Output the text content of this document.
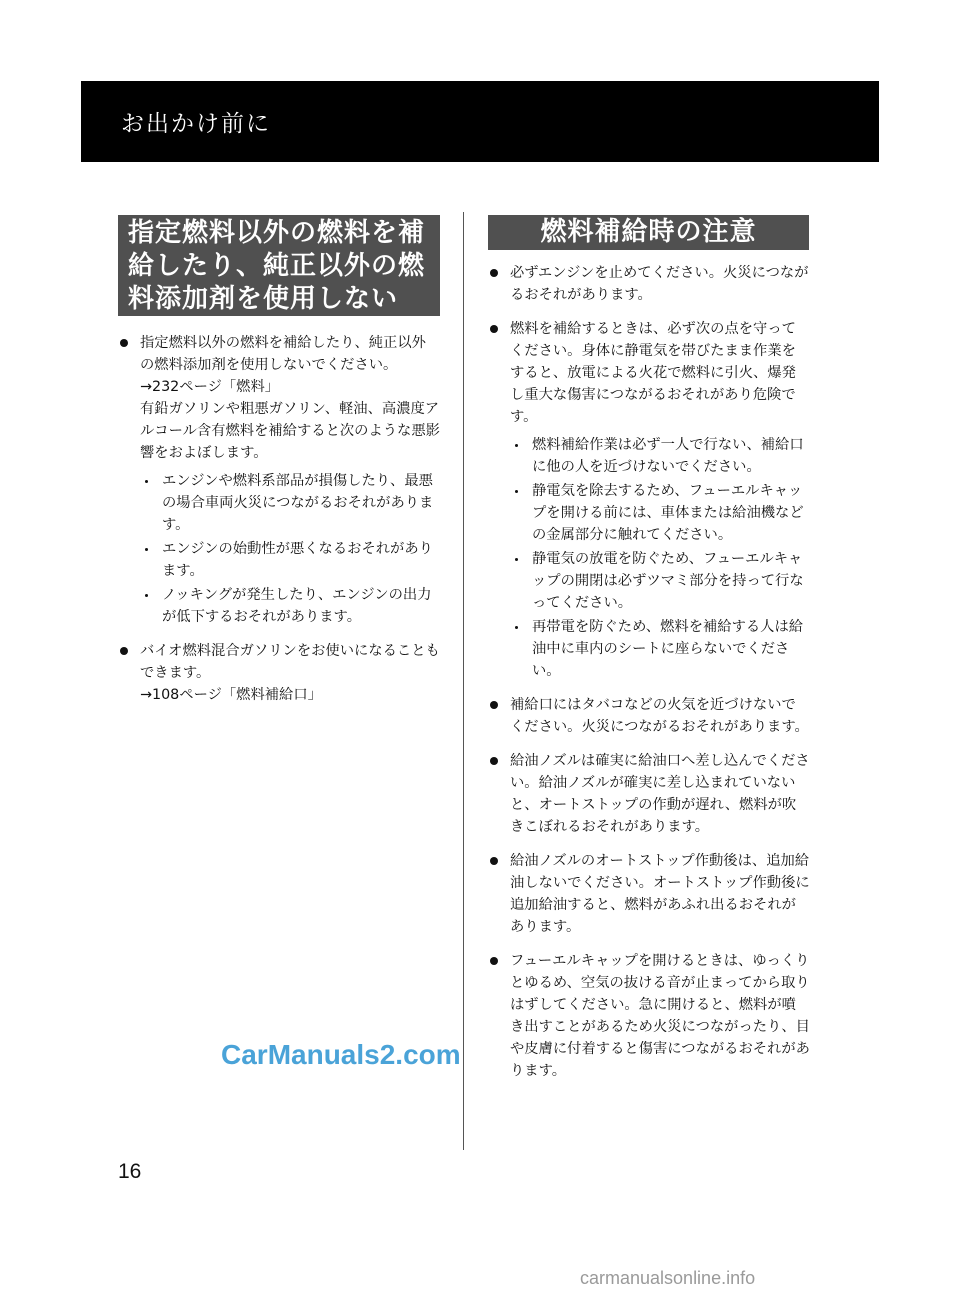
お出かけ前に
指定燃料以外の燃料を補
給したり、純正以外の燃
料添加剤を使用しない
燃料補給時の注意

指定燃料以外の燃料を補給したり、純正以外の燃料添加剤を使用しないでください。

→232ページ「燃料」

有鉛ガソリンや粗悪ガソリン、軽油、高濃度アルコール含有燃料を補給すると次のような悪影響をおよぼします。

エンジンや燃料系部品が損傷したり、最悪の場合車両火災につながるおそれがあります。
エンジンの始動性が悪くなるおそれがあります。
ノッキングが発生したり、エンジンの出力が低下するおそれがあります。

バイオ燃料混合ガソリンをお使いになることもできます。

→108ページ「燃料補給口」

必ずエンジンを止めてください。火災につながるおそれがあります。

燃料を補給するときは、必ず次の点を守ってください。身体に静電気を帯びたまま作業をすると、放電による火花で燃料に引火、爆発し重大な傷害につながるおそれがあり危険です。

燃料補給作業は必ず一人で行ない、補給口に他の人を近づけないでください。
静電気を除去するため、フューエルキャップを開ける前には、車体または給油機などの金属部分に触れてください。
静電気の放電を防ぐため、フューエルキャップの開閉は必ずツマミ部分を持って行なってください。
再帯電を防ぐため、燃料を補給する人は給油中に車内のシートに座らないでください。

補給口にはタバコなどの火気を近づけないでください。火災につながるおそれがあります。

給油ノズルは確実に給油口へ差し込んでください。給油ノズルが確実に差し込まれていないと、オートストップの作動が遅れ、燃料が吹きこぼれるおそれがあります。

給油ノズルのオートストップ作動後は、追加給油しないでください。オートストップ作動後に追加給油すると、燃料があふれ出るおそれがあります。

フューエルキャップを開けるときは、ゆっくりとゆるめ、空気の抜ける音が止まってから取りはずしてください。急に開けると、燃料が噴き出すことがあるため火災につながったり、目や皮膚に付着すると傷害につながるおそれがあります。

CarManuals2.com
16
carmanualsonline.info
